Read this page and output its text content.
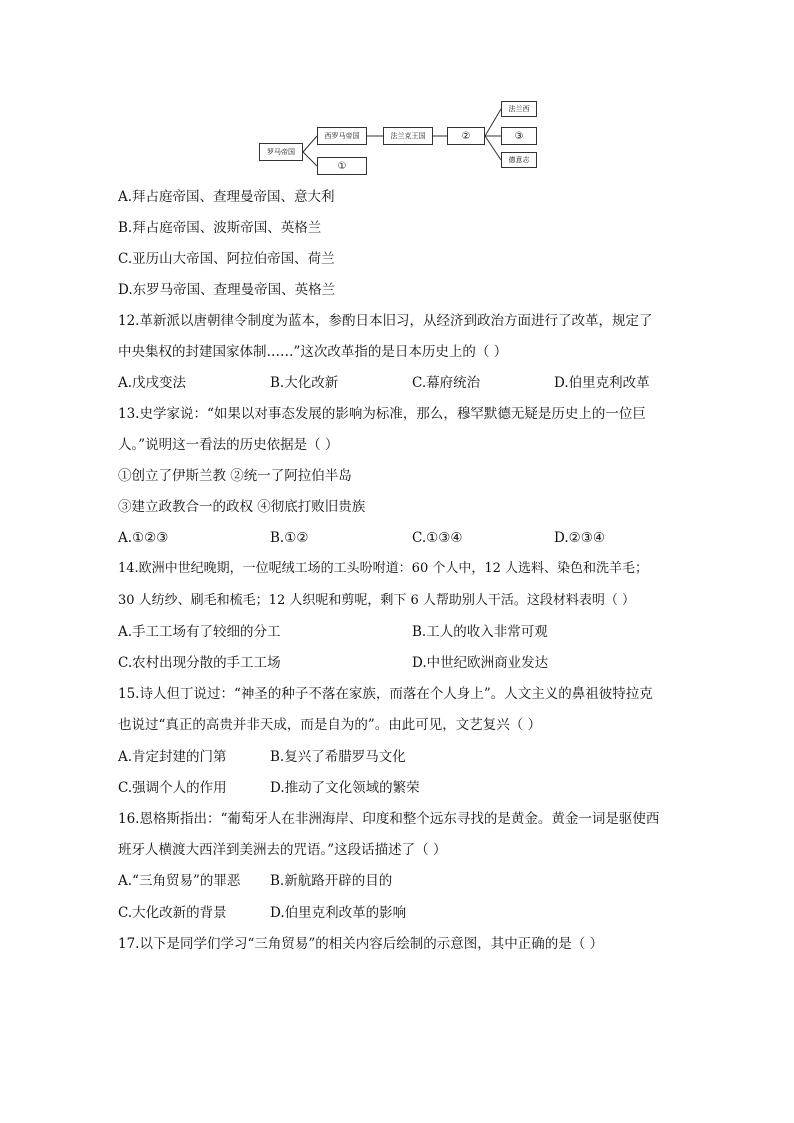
罗马帝国
西罗马帝国
①
法兰克王国	②
法兰西
③
德意志
A.拜占庭帝国、查理曼帝国、意大利
B.拜占庭帝国、波斯帝国、英格兰
C.亚历山大帝国、阿拉伯帝国、荷兰
D.东罗马帝国、查理曼帝国、英格兰
12.革新派以唐朝律令制度为蓝本，参酌日本旧习，从经济到政治方面进行了改革，规定了
中央集权的封建国家体制……”这次改革指的是日本历史上的（ ）
A.戊戌变法	B.大化改新	C.幕府统治	D.伯里克利改革
13.史学家说：“如果以对事态发展的影响为标准，那么，穆罕默德无疑是历史上的一位巨
人。”说明这一看法的历史依据是（ ）
①创立了伊斯兰教 ②统一了阿拉伯半岛
③建立政教合一的政权 ④彻底打败旧贵族
A.①②③	B.①②	C.①③④	D.②③④
14.欧洲中世纪晚期，一位呢绒工场的工头吩咐道：60 个人中，12 人选料、染色和洗羊毛；
30 人纺纱、刷毛和梳毛；12 人织呢和剪呢，剩下 6 人帮助别人干活。这段材料表明（ ）
A.手工工场有了较细的分工	B.工人的收入非常可观
C.农村出现分散的手工工场	D.中世纪欧洲商业发达
15.诗人但丁说过：“神圣的种子不落在家族，而落在个人身上”。人文主义的鼻祖彼特拉克
也说过“真正的高贵并非天成，而是自为的”。由此可见，文艺复兴（ ）
A.肯定封建的门第	B.复兴了希腊罗马文化
C.强调个人的作用	D.推动了文化领域的繁荣
16.恩格斯指出：“葡萄牙人在非洲海岸、印度和整个远东寻找的是黄金。黄金一词是驱使西
班牙人横渡大西洋到美洲去的咒语。”这段话描述了（ ）
A.“三角贸易”的罪恶 B.新航路开辟的目的
C.大化改新的背景	D.伯里克利改革的影响
17.以下是同学们学习“三角贸易”的相关内容后绘制的示意图，其中正确的是（ ）
